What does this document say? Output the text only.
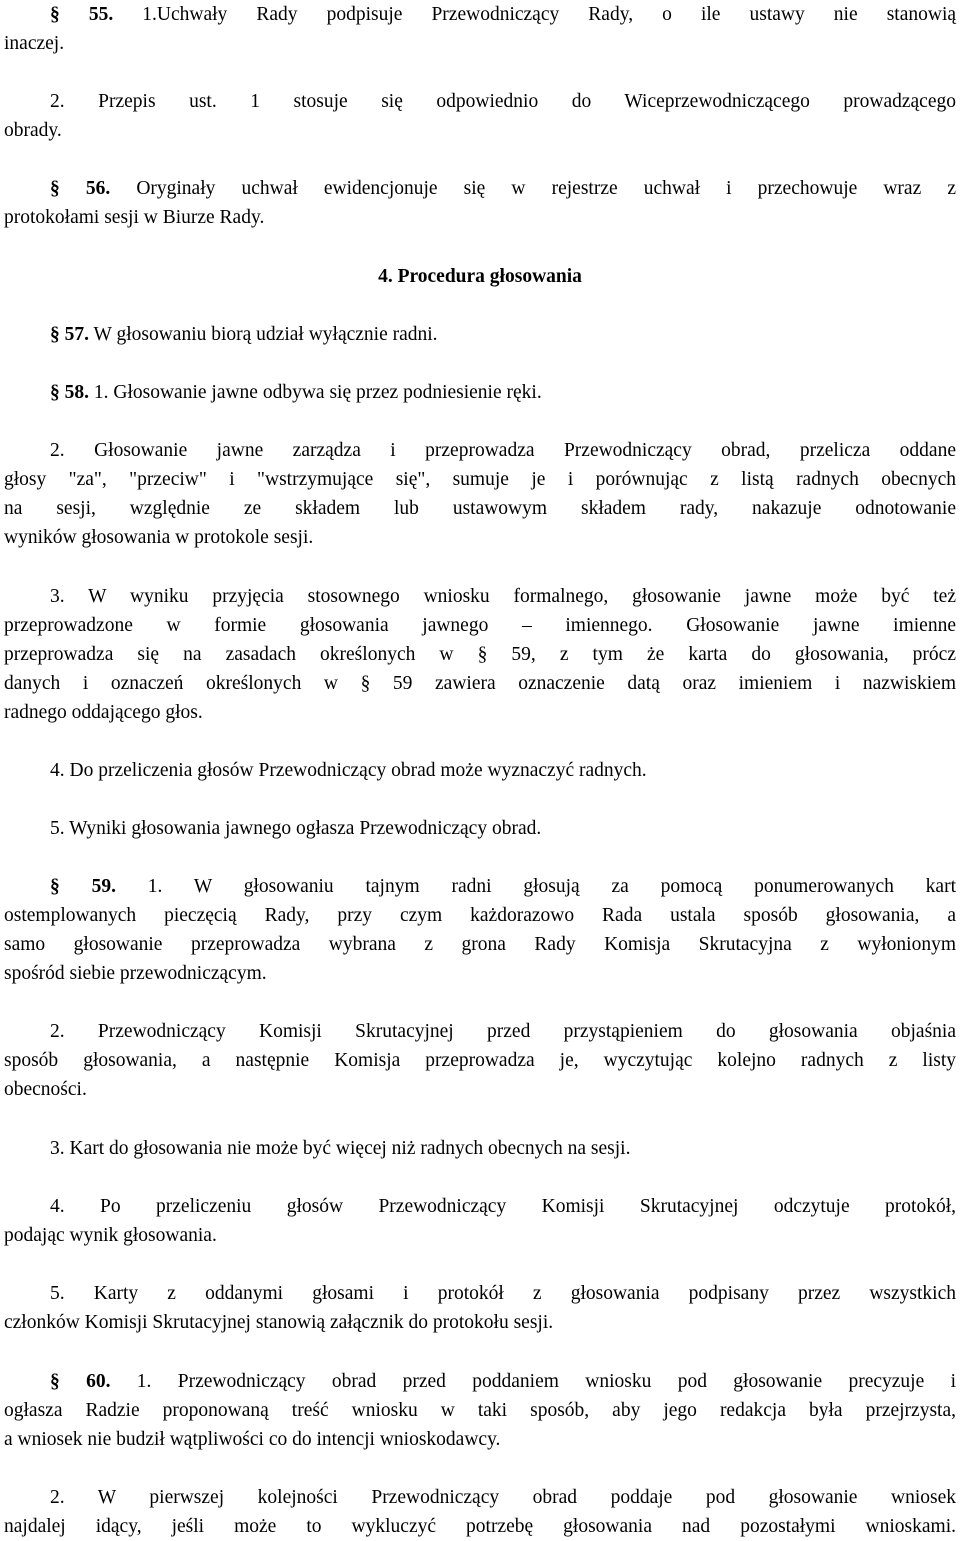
§ 55. 1.Uchwały Rady podpisuje Przewodniczący Rady, o ile ustawy nie stanowią
inaczej.
2. Przepis ust. 1 stosuje się odpowiednio do Wiceprzewodniczącego prowadzącego
obrady.
§ 56. Oryginały uchwał ewidencjonuje się w rejestrze uchwał i przechowuje wraz z
protokołami sesji w Biurze Rady.
4. Procedura głosowania
§ 57. W głosowaniu biorą udział wyłącznie radni.
§ 58. 1. Głosowanie jawne odbywa się przez podniesienie ręki.
2. Głosowanie jawne zarządza i przeprowadza Przewodniczący obrad, przelicza oddane
głosy "za", "przeciw" i "wstrzymujące się", sumuje je i porównując z listą radnych obecnych
na sesji, względnie ze składem lub ustawowym składem rady, nakazuje odnotowanie
wyników głosowania w protokole sesji.
3. W wyniku przyjęcia stosownego wniosku formalnego, głosowanie jawne może być też
przeprowadzone w formie głosowania jawnego – imiennego. Głosowanie jawne imienne
przeprowadza się na zasadach określonych w § 59, z tym że karta do głosowania, prócz
danych i oznaczeń określonych w § 59 zawiera oznaczenie datą oraz imieniem i nazwiskiem
radnego oddającego głos.
4. Do przeliczenia głosów Przewodniczący obrad może wyznaczyć radnych.
5. Wyniki głosowania jawnego ogłasza Przewodniczący obrad.
§ 59. 1. W głosowaniu tajnym radni głosują za pomocą ponumerowanych kart
ostemplowanych pieczęcią Rady, przy czym każdorazowo Rada ustala sposób głosowania, a
samo głosowanie przeprowadza wybrana z grona Rady Komisja Skrutacyjna z wyłonionym
spośród siebie przewodniczącym.
2. Przewodniczący Komisji Skrutacyjnej przed przystąpieniem do głosowania objaśnia
sposób głosowania, a następnie Komisja przeprowadza je, wyczytując kolejno radnych z listy
obecności.
3. Kart do głosowania nie może być więcej niż radnych obecnych na sesji.
4. Po przeliczeniu głosów Przewodniczący Komisji Skrutacyjnej odczytuje protokół,
podając wynik głosowania.
5. Karty z oddanymi głosami i protokół z głosowania podpisany przez wszystkich
członków Komisji Skrutacyjnej stanowią załącznik do protokołu sesji.
§ 60. 1. Przewodniczący obrad przed poddaniem wniosku pod głosowanie precyzuje i
ogłasza Radzie proponowaną treść wniosku w taki sposób, aby jego redakcja była przejrzysta,
a wniosek nie budził wątpliwości co do intencji wnioskodawcy.
2. W pierwszej kolejności Przewodniczący obrad poddaje pod głosowanie wniosek
najdalej idący, jeśli może to wykluczyć potrzebę głosowania nad pozostałymi wnioskami.
